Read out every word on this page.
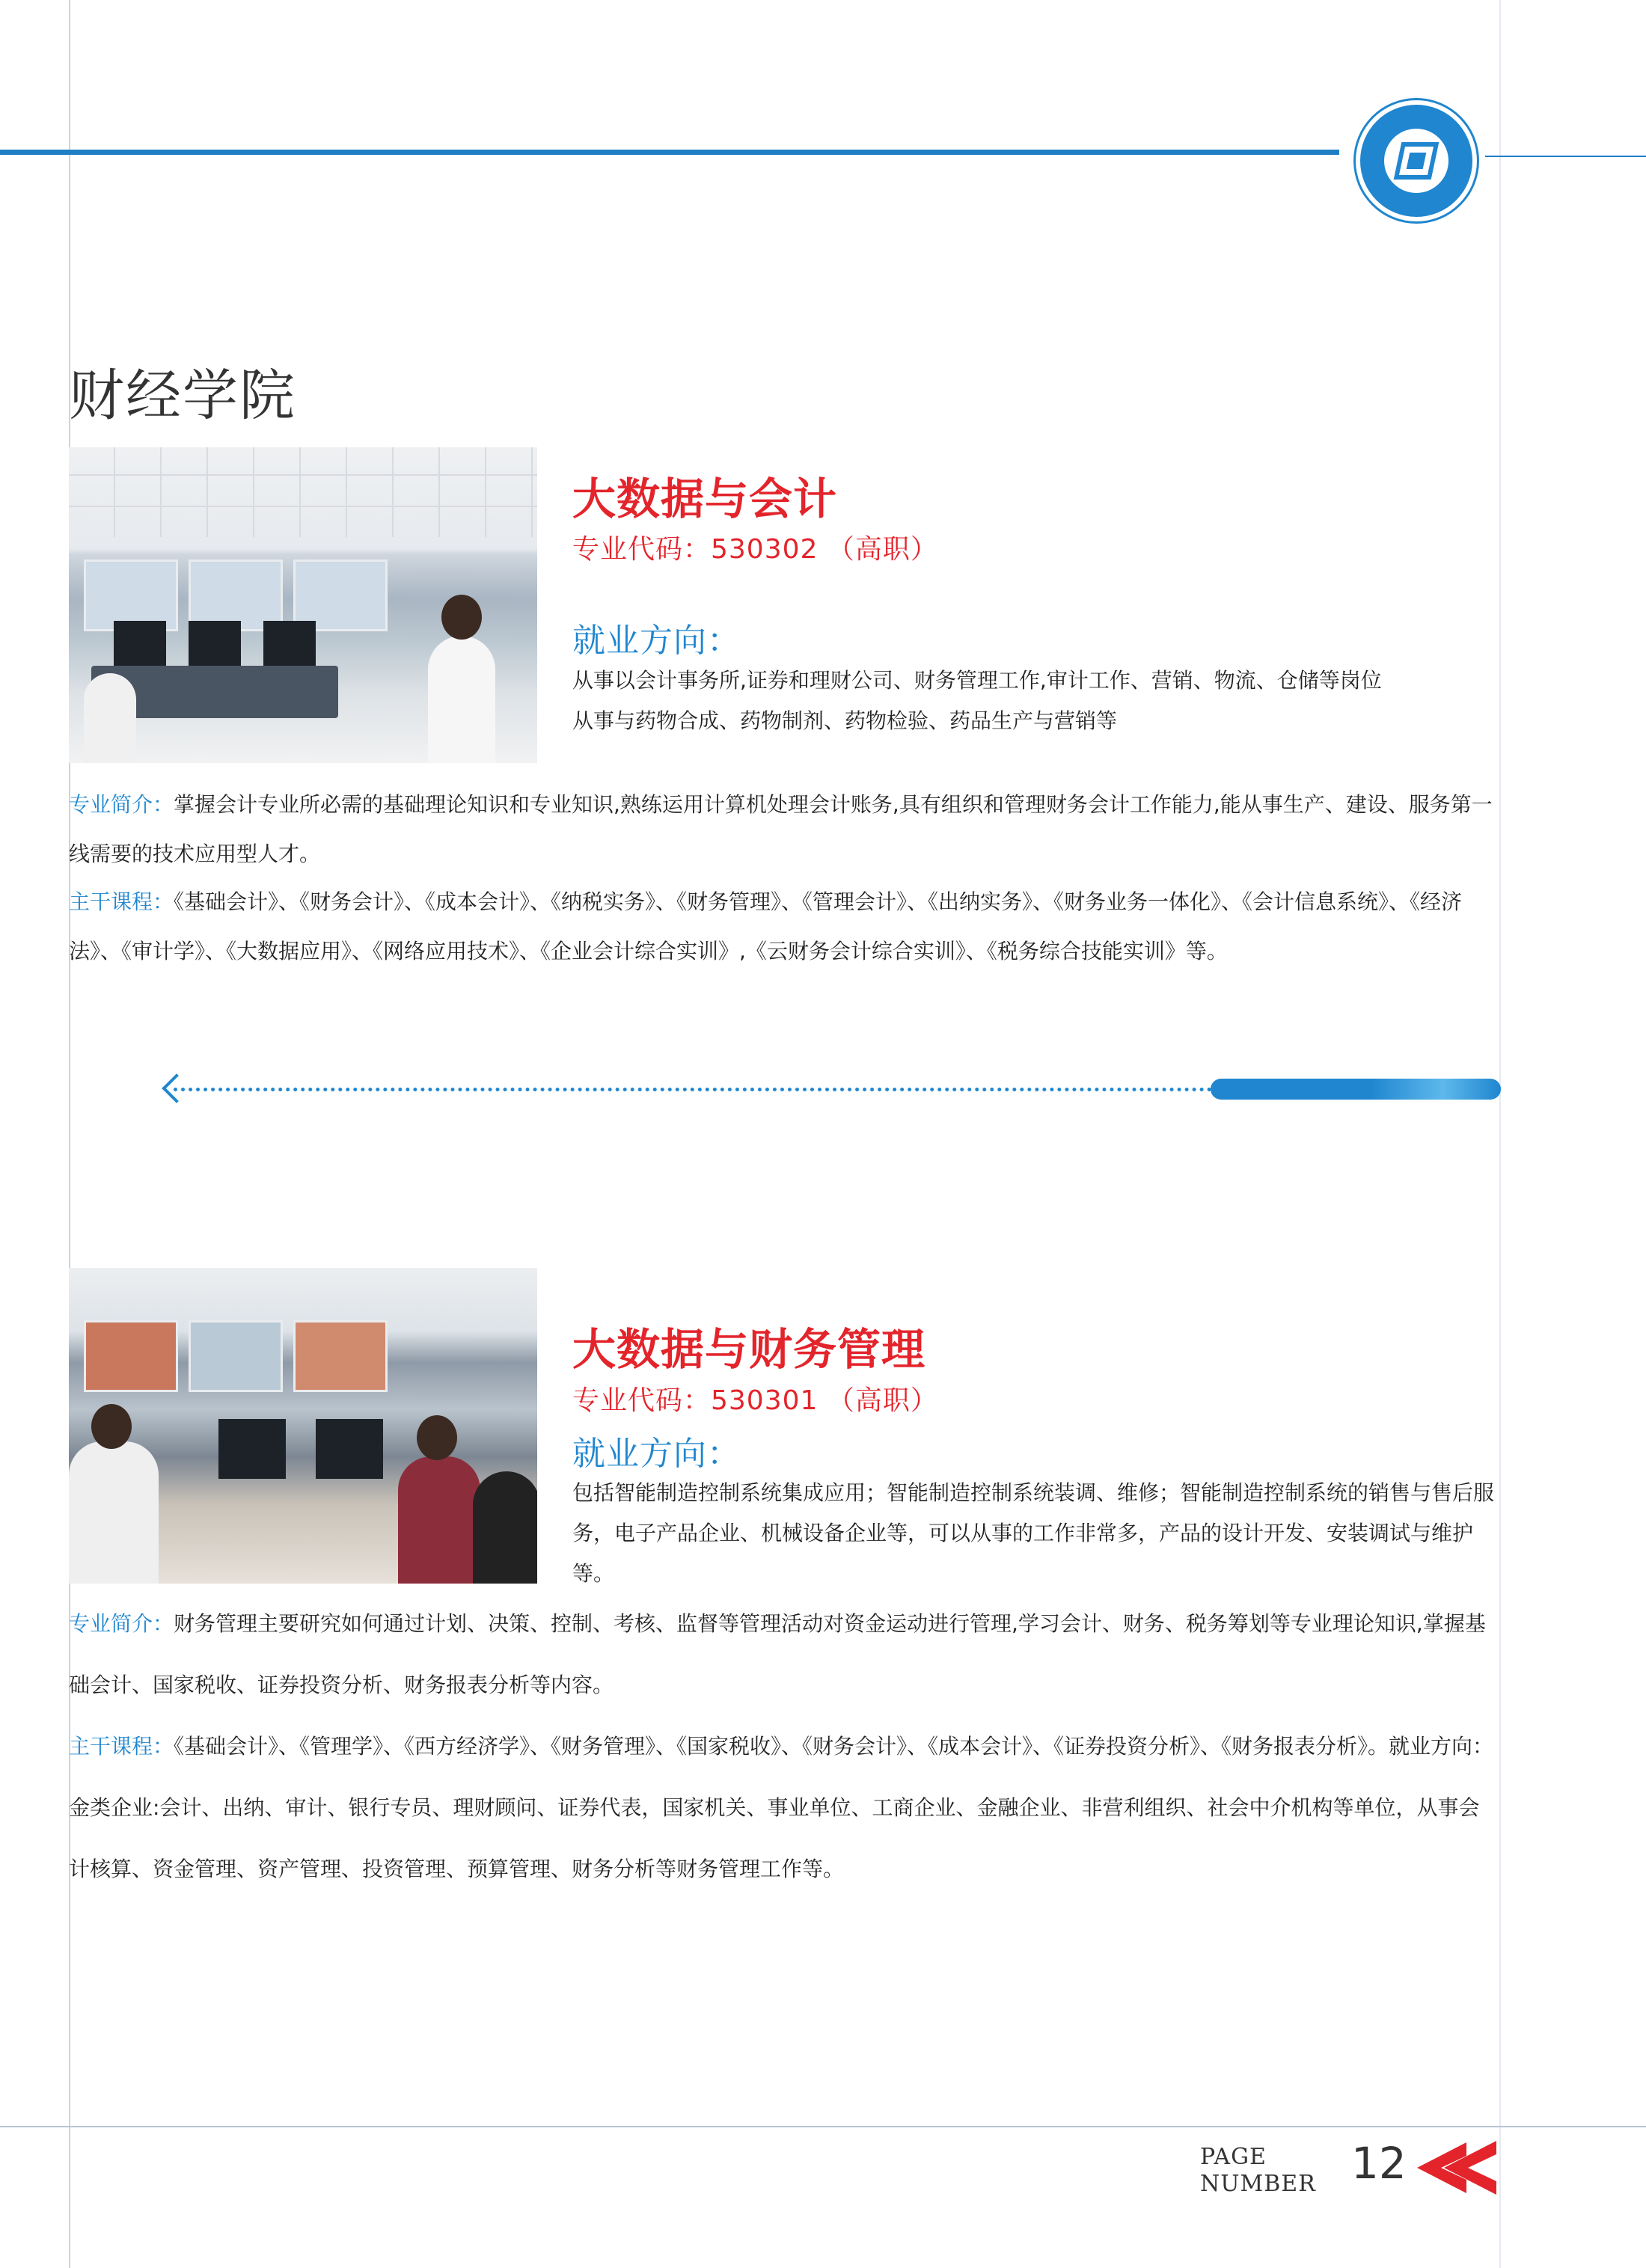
财经学院
大数据与会计
专业代码：530302 （高职）
就业方向：
从事以会计事务所,证券和理财公司、财务管理工作,审计工作、营销、物流、仓储等岗位
从事与药物合成、药物制剂、药物检验、药品生产与营销等
专业简介：掌握会计专业所必需的基础理论知识和专业知识,熟练运用计算机处理会计账务,具有组织和管理财务会计工作能力,能从事生产、建设、服务第一线需要的技术应用型人才。
主干课程：《基础会计》、《财务会计》、《成本会计》、《纳税实务》、《财务管理》、《管理会计》、《出纳实务》、《财务业务一体化》、《会计信息系统》、《经济法》、《审计学》、《大数据应用》、《网络应用技术》、《企业会计综合实训》,《云财务会计综合实训》、《税务综合技能实训》等。
大数据与财务管理
专业代码：530301 （高职）
就业方向：
包括智能制造控制系统集成应用；智能制造控制系统装调、维修；智能制造控制系统的销售与售后服务，电子产品企业、机械设备企业等，可以从事的工作非常多，产品的设计开发、安装调试与维护等。
专业简介：财务管理主要研究如何通过计划、决策、控制、考核、监督等管理活动对资金运动进行管理,学习会计、财务、税务筹划等专业理论知识,掌握基础会计、国家税收、证券投资分析、财务报表分析等内容。
主干课程：《基础会计》、《管理学》、《西方经济学》、《财务管理》、《国家税收》、《财务会计》、《成本会计》、《证券投资分析》、《财务报表分析》。就业方向：金类企业:会计、出纳、审计、银行专员、理财顾问、证券代表，国家机关、事业单位、工商企业、金融企业、非营利组织、社会中介机构等单位，从事会计核算、资金管理、资产管理、投资管理、预算管理、财务分析等财务管理工作等。
PAGE
NUMBER 12
